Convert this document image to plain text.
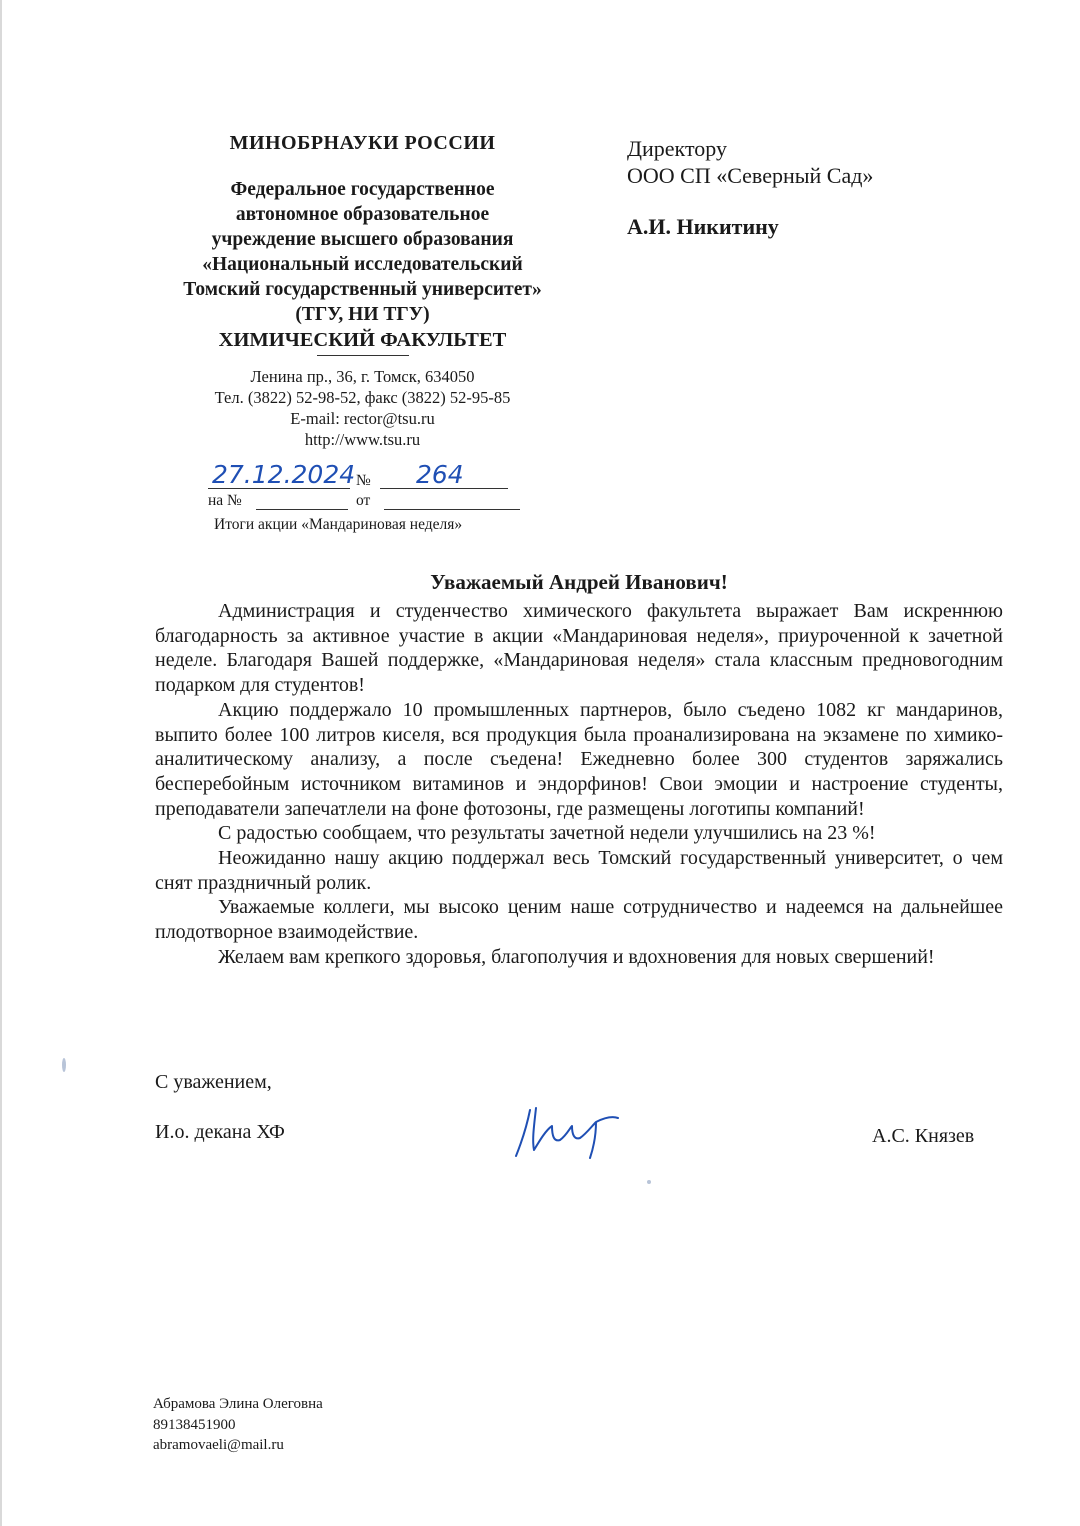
МИНОБРНАУКИ РОССИИ
Федеральное государственное
автономное образовательное
учреждение высшего образования
«Национальный исследовательский
Томский государственный университет»
(ТГУ, НИ ТГУ)
ХИМИЧЕСКИЙ ФАКУЛЬТЕТ
Ленина пр., 36, г. Томск, 634050
Тел. (3822) 52-98-52, факс (3822) 52-95-85
E-mail: rector@tsu.ru
http://www.tsu.ru
Директору
ООО СП «Северный Сад»
А.И. Никитину
27.12.2024 № 264
на №	от
Итоги акции «Мандариновая неделя»
Уважаемый Андрей Иванович!

Администрация и студенчество химического факультета выражает Вам искреннюю благодарность за активное участие в акции «Мандариновая неделя», приуроченной к зачетной неделе. Благодаря Вашей поддержке, «Мандариновая неделя» стала классным предновогодним подарком для студентов!

Акцию поддержало 10 промышленных партнеров, было съедено 1082 кг мандаринов, выпито более 100 литров киселя, вся продукция была проанализирована на экзамене по химико-аналитическому анализу, а после съедена! Ежедневно более 300 студентов заряжались бесперебойным источником витаминов и эндорфинов! Свои эмоции и настроение студенты, преподаватели запечатлели на фоне фотозоны, где размещены логотипы компаний!

С радостью сообщаем, что результаты зачетной недели улучшились на 23 %!

Неожиданно нашу акцию поддержал весь Томский государственный университет, о чем снят праздничный ролик.

Уважаемые коллеги, мы высоко ценим наше сотрудничество и надеемся на дальнейшее плодотворное взаимодействие.

Желаем вам крепкого здоровья, благополучия и вдохновения для новых свершений!

С уважением,
И.о. декана ХФ	А.С. Князев
Абрамова Элина Олеговна
89138451900
abramovaeli@mail.ru
